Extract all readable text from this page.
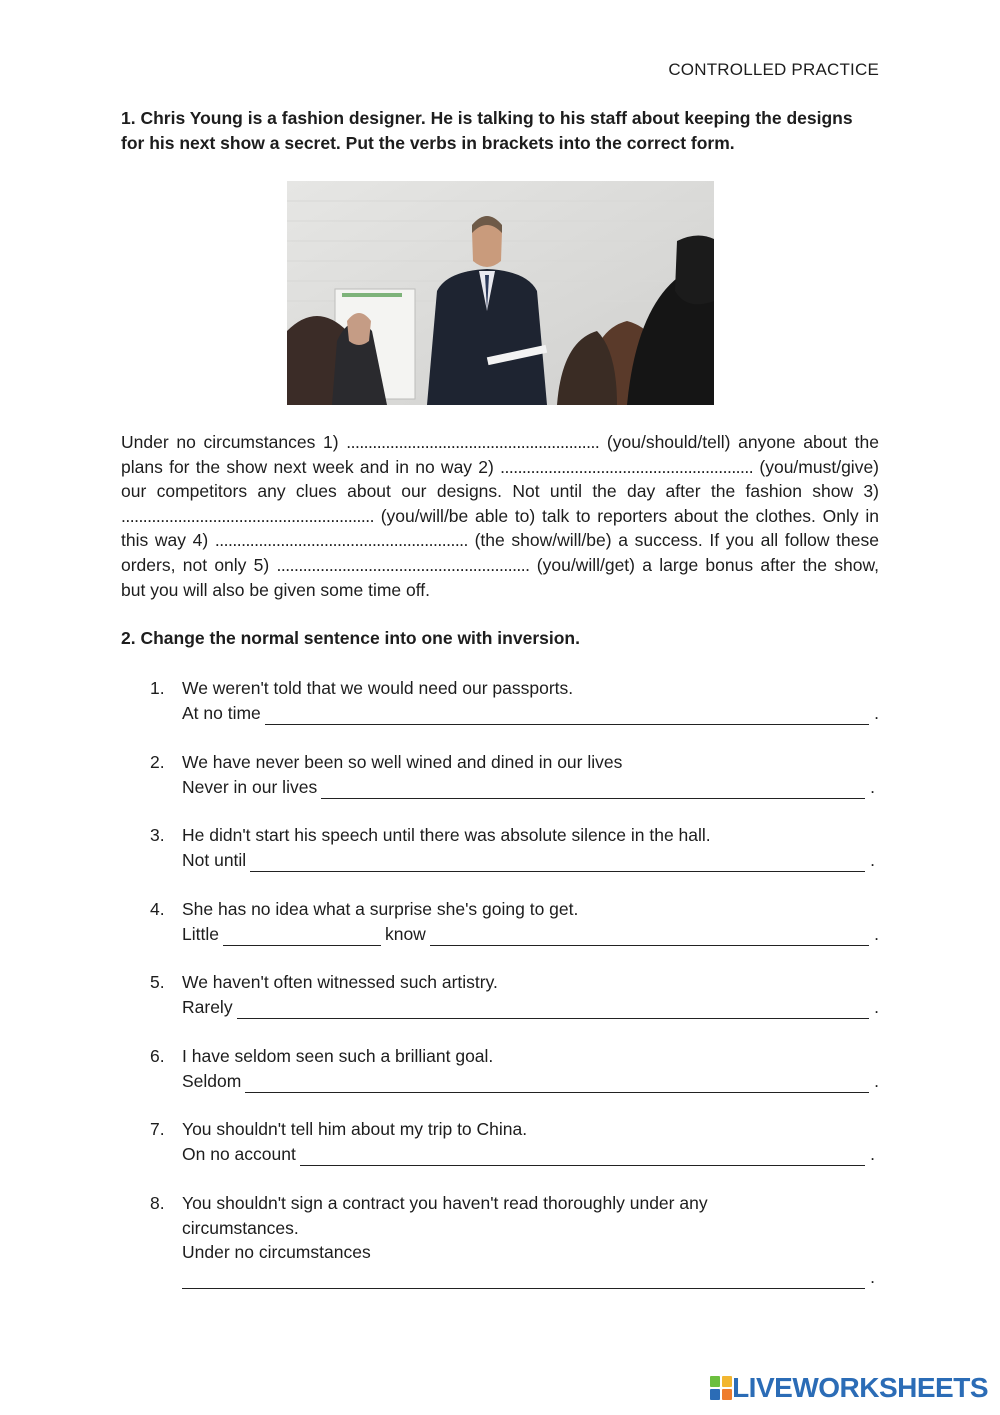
CONTROLLED PRACTICE
1. Chris Young is a fashion designer. He is talking to his staff about keeping the designs for his next show a secret. Put the verbs in brackets into the correct form.
Under no circumstances 1) .......................................................... (you/should/tell) anyone about the plans for the show next week and in no way 2) .......................................................... (you/must/give) our competitors any clues about our designs. Not until the day after the fashion show 3) .......................................................... (you/will/be able to) talk to reporters about the clothes. Only in this way 4) .......................................................... (the show/will/be) a success. If you all follow these orders, not only 5) .......................................................... (you/will/get) a large bonus after the show, but you will also be given some time off.
2. Change the normal sentence into one with inversion.
1. We weren't told that we would need our passports.
At no time	.
2. We have never been so well wined and dined in our lives
Never in our lives	.
3. He didn't start his speech until there was absolute silence in the hall.
Not until	.
4. She has no idea what a surprise she's going to get.
Little	know	.
5. We haven't often witnessed such artistry.
Rarely	.
6. I have seldom seen such a brilliant goal.
Seldom	.
7. You shouldn't tell him about my trip to China.
On no account	.
8. You shouldn't sign a contract you haven't read thoroughly under any circumstances.
Under no circumstances
.
LIVEWORKSHEETS
